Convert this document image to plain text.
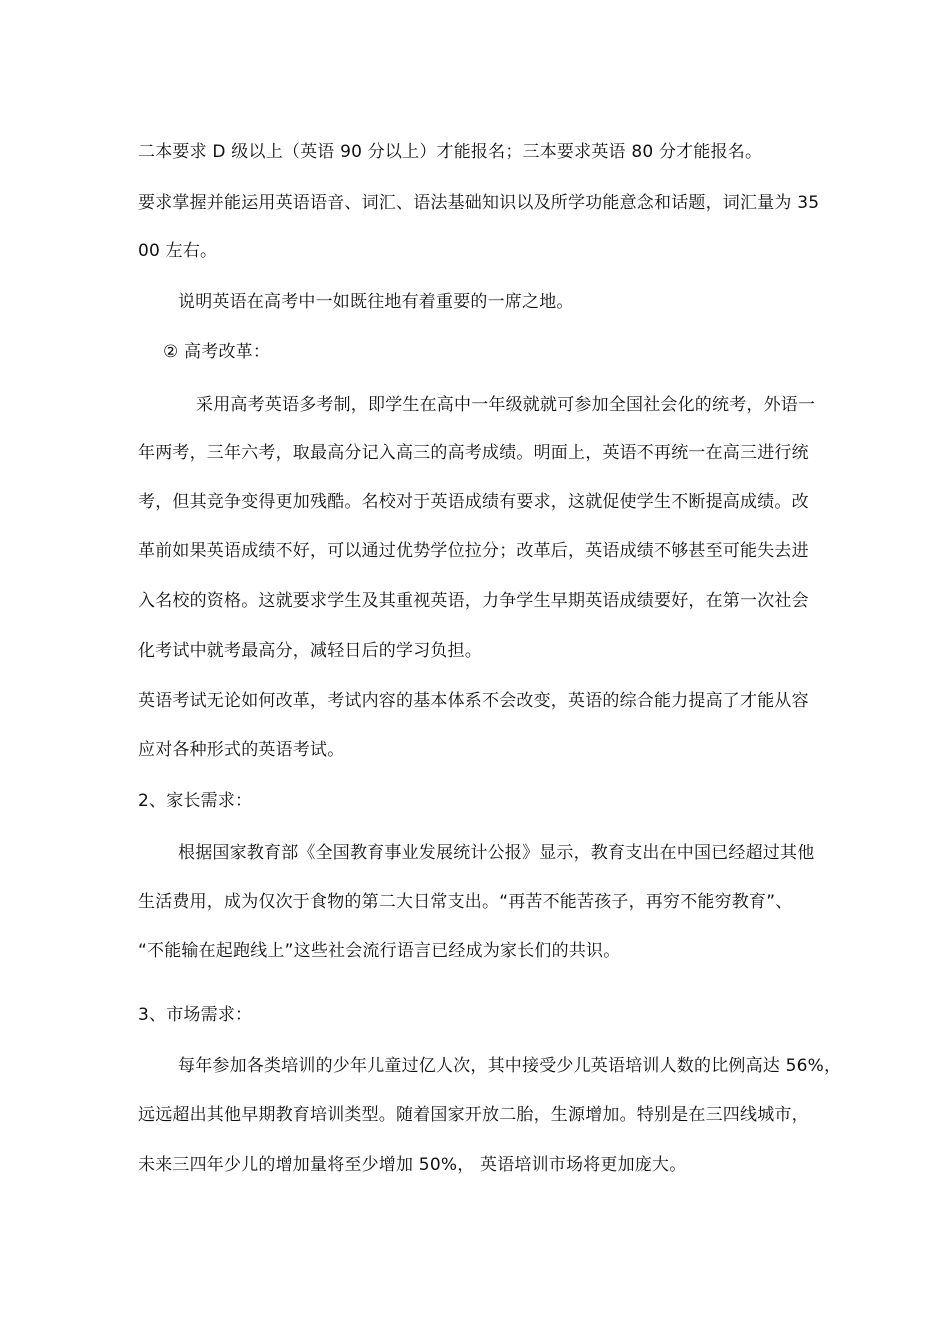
二本要求 D 级以上（英语 90 分以上）才能报名；三本要求英语 80 分才能报名。
要求掌握并能运用英语语音、词汇、语法基础知识以及所学功能意念和话题，词汇量为 35
00 左右。
说明英语在高考中一如既往地有着重要的一席之地。
② 高考改革：
采用高考英语多考制，即学生在高中一年级就就可参加全国社会化的统考，外语一
年两考，三年六考，取最高分记入高三的高考成绩。明面上，英语不再统一在高三进行统
考，但其竞争变得更加残酷。名校对于英语成绩有要求，这就促使学生不断提高成绩。改
革前如果英语成绩不好，可以通过优势学位拉分；改革后，英语成绩不够甚至可能失去进
入名校的资格。这就要求学生及其重视英语，力争学生早期英语成绩要好，在第一次社会
化考试中就考最高分，减轻日后的学习负担。
英语考试无论如何改革，考试内容的基本体系不会改变，英语的综合能力提高了才能从容
应对各种形式的英语考试。
2、家长需求：
根据国家教育部《全国教育事业发展统计公报》显示，教育支出在中国已经超过其他
生活费用，成为仅次于食物的第二大日常支出。“再苦不能苦孩子，再穷不能穷教育”、
“不能输在起跑线上”这些社会流行语言已经成为家长们的共识。
3、市场需求：
每年参加各类培训的少年儿童过亿人次，其中接受少儿英语培训人数的比例高达 56%，
远远超出其他早期教育培训类型。随着国家开放二胎，生源增加。特别是在三四线城市，
未来三四年少儿的增加量将至少增加 50%， 英语培训市场将更加庞大。
